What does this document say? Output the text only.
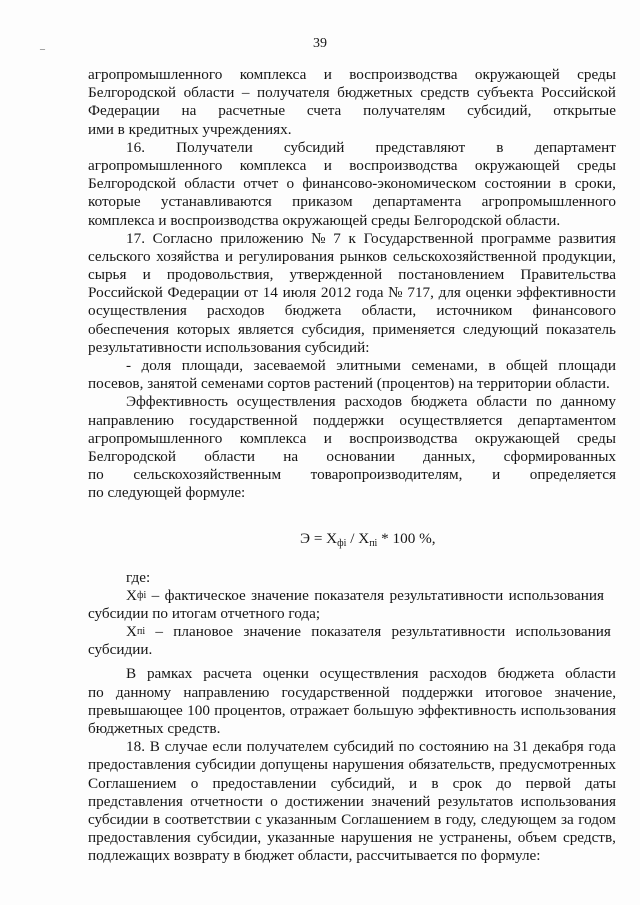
–	39
агропромышленного комплекса и воспроизводства окружающей среды
Белгородской области – получателя бюджетных средств субъекта Российской
Федерации на расчетные счета получателям субсидий, открытые
ими в кредитных учреждениях.
16. Получатели субсидий представляют в департамент
агропромышленного комплекса и воспроизводства окружающей среды
Белгородской области отчет о финансово-экономическом состоянии в сроки,
которые устанавливаются приказом департамента агропромышленного
комплекса и воспроизводства окружающей среды Белгородской области.
17. Согласно приложению № 7 к Государственной программе развития
сельского хозяйства и регулирования рынков сельскохозяйственной продукции,
сырья и продовольствия, утвержденной постановлением Правительства
Российской Федерации от 14 июля 2012 года № 717, для оценки эффективности
осуществления расходов бюджета области, источником финансового
обеспечения которых является субсидия, применяется следующий показатель
результативности использования субсидий:
- доля площади, засеваемой элитными семенами, в общей площади
посевов, занятой семенами сортов растений (процентов) на территории области.
Эффективность осуществления расходов бюджета области по данному
направлению государственной поддержки осуществляется департаментом
агропромышленного комплекса и воспроизводства окружающей среды
Белгородской области на основании данных, сформированных
по сельскохозяйственным товаропроизводителям, и определяется
по следующей формуле:
$Э = Х_{фi} / Х_{пi} * 100$ %,
где:
Х фi – фактическое значение показателя результативности использования
субсидии по итогам отчетного года;
Х пi – плановое значение показателя результативности использования
субсидии.
В рамках расчета оценки осуществления расходов бюджета области
по данному направлению государственной поддержки итоговое значение,
превышающее 100 процентов, отражает большую эффективность использования
бюджетных средств.
18. В случае если получателем субсидий по состоянию на 31 декабря года
предоставления субсидии допущены нарушения обязательств, предусмотренных
Соглашением о предоставлении субсидий, и в срок до первой даты
представления отчетности о достижении значений результатов использования
субсидии в соответствии с указанным Соглашением в году, следующем за годом
предоставления субсидии, указанные нарушения не устранены, объем средств,
подлежащих возврату в бюджет области, рассчитывается по формуле:
